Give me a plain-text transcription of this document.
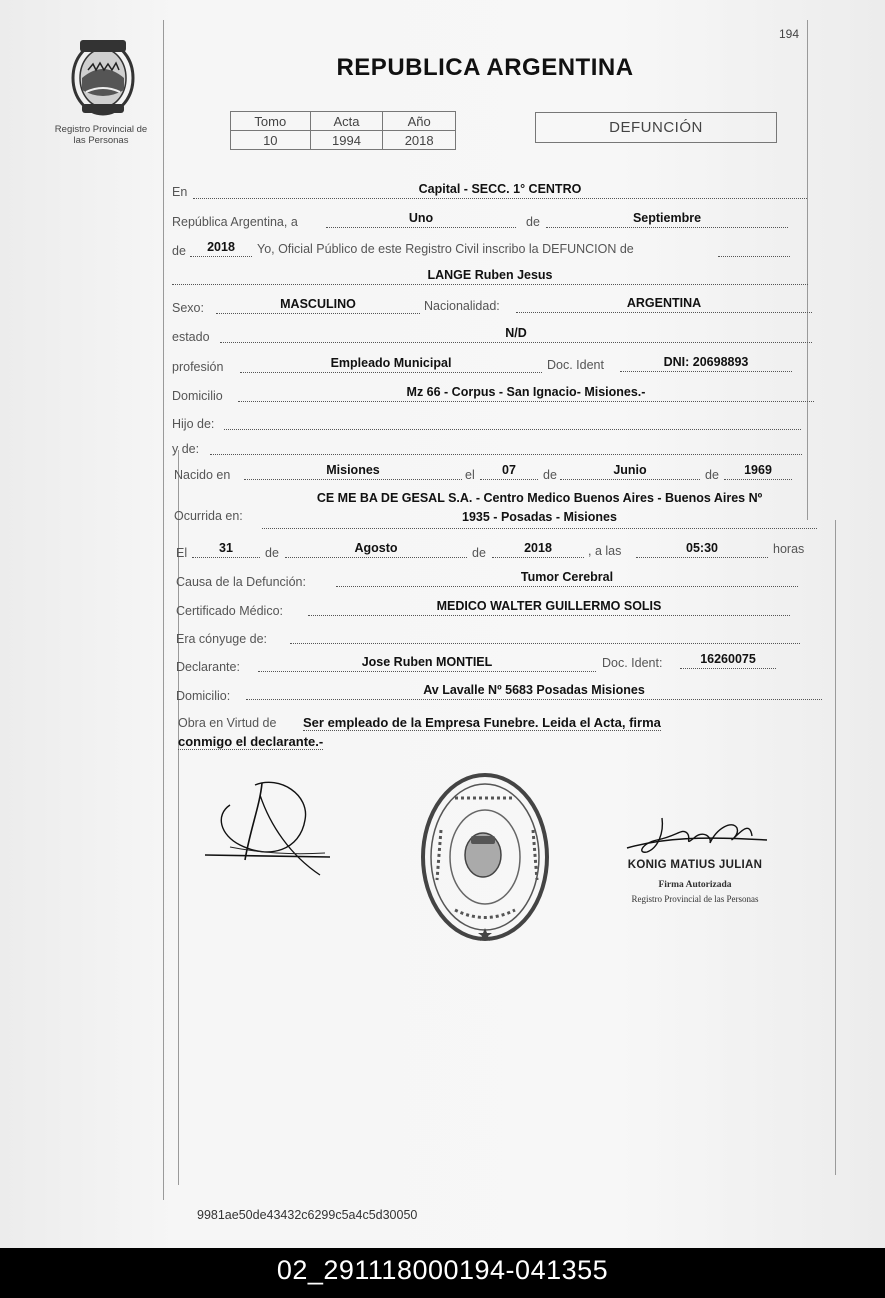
Registro Provincial de
las Personas
194
REPUBLICA ARGENTINA
Tomo	Acta	Año
10	1994	2018
DEFUNCIÓN
En	Capital - SECC. 1° CENTRO
República Argentina, a	Uno	de	Septiembre
de	2018	Yo, Oficial Público de este Registro Civil inscribo la DEFUNCION de
LANGE Ruben Jesus
Sexo:	MASCULINO	Nacionalidad:	ARGENTINA
estado	N/D
profesión	Empleado Municipal	Doc. Ident	DNI: 20698893
Domicilio	Mz 66 - Corpus - San Ignacio- Misiones.-
Hijo de:
y de:
Nacido en	Misiones	el	07	de	Junio	de	1969
Ocurrida en:
CE ME BA DE GESAL S.A. - Centro Medico Buenos Aires - Buenos Aires Nº
1935 - Posadas - Misiones
El	31	de	Agosto	de	2018	, a las	05:30	horas
Causa de la Defunción:	Tumor Cerebral
Certificado Médico:	MEDICO WALTER GUILLERMO SOLIS
Era cónyuge de:
Declarante:	Jose Ruben MONTIEL	Doc. Ident:	16260075
Domicilio:	Av Lavalle Nº 5683 Posadas Misiones
Obra en Virtud de	Ser empleado de la Empresa Funebre. Leida el Acta, firma conmigo el declarante.-
KONIG MATIUS JULIAN
Firma Autorizada
Registro Provincial de las Personas
9981ae50de43432c6299c5a4c5d30050
02_291118000194-041355
